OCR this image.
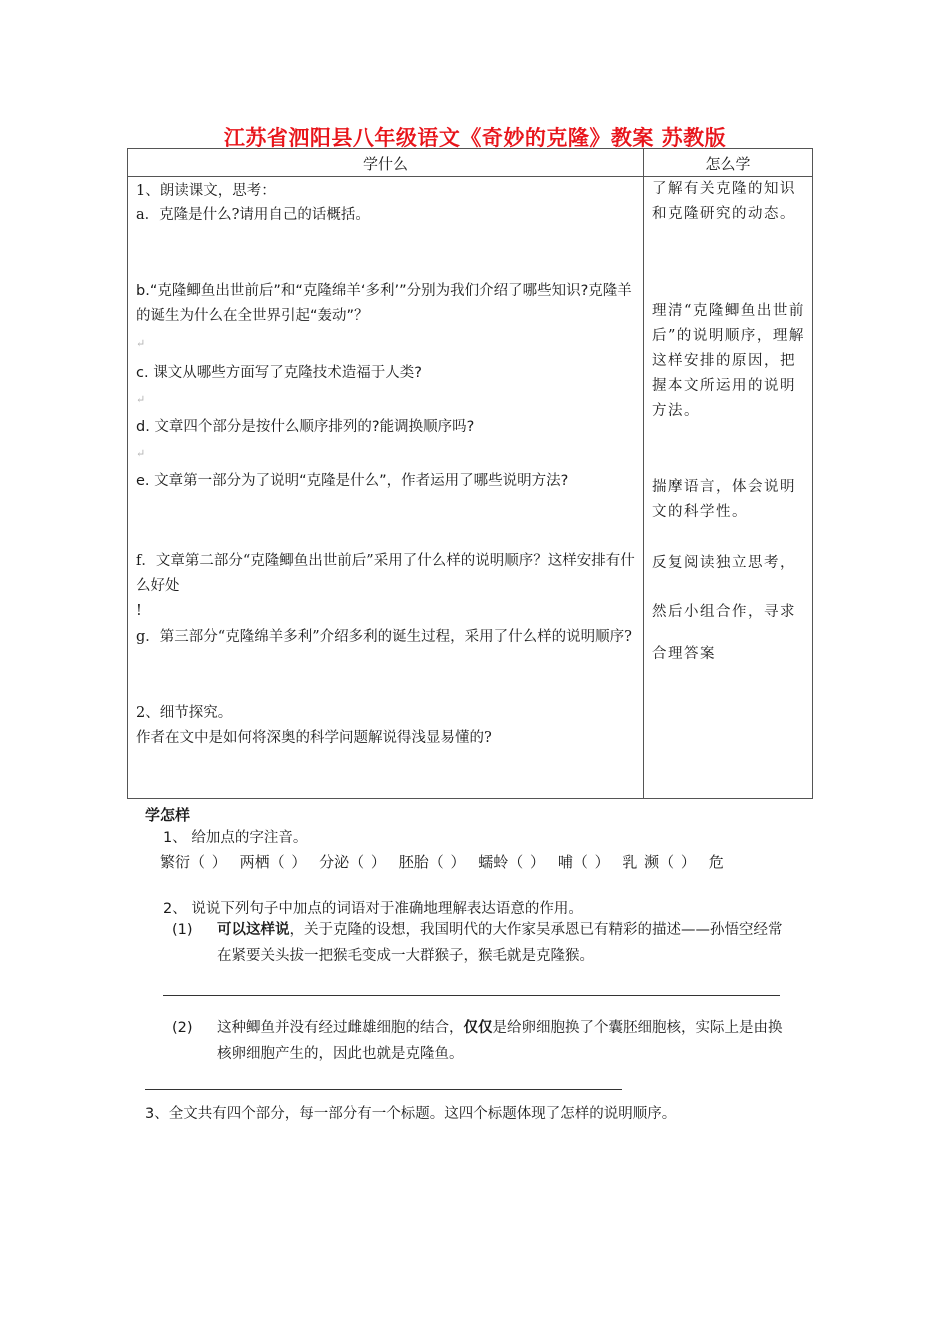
江苏省泗阳县八年级语文《奇妙的克隆》教案 苏教版
学什么	怎么学
1、朗读课文，思考：
a．克隆是什么?请用自己的话概括。
b.“克隆鲫鱼出世前后”和“克隆绵羊‘多利’”分别为我们介绍了哪些知识?克隆羊的诞生为什么在全世界引起“轰动”？
↵
c. 课文从哪些方面写了克隆技术造福于人类?
↵
d. 文章四个部分是按什么顺序排列的?能调换顺序吗?
↵
e. 文章第一部分为了说明“克隆是什么”，作者运用了哪些说明方法?
f．文章第二部分“克隆鲫鱼出世前后”采用了什么样的说明顺序？这样安排有什么好处
!
g．第三部分“克隆绵羊多利”介绍多利的诞生过程，采用了什么样的说明顺序?
2、细节探究。
作者在文中是如何将深奥的科学问题解说得浅显易懂的?
了解有关克隆的知识和克隆研究的动态。
理清“克隆鲫鱼出世前后”的说明顺序，理解这样安排的原因，把握本文所运用的说明方法。
揣摩语言，体会说明文的科学性。
反复阅读独立思考，
然后小组合作，寻求合理答案
学怎样
1、 给加点的字注音。
繁衍（ ） 两栖（ ） 分泌（ ） 胚胎（ ） 蠕蛉（ ） 哺（ ） 乳 濒（ ） 危
2、 说说下列句子中加点的词语对于准确地理解表达语意的作用。
(1) 可以这样说，关于克隆的设想，我国明代的大作家吴承恩已有精彩的描述——孙悟空经常在紧要关头拔一把猴毛变成一大群猴子，猴毛就是克隆猴。
(2) 这种鲫鱼并没有经过雌雄细胞的结合，仅仅是给卵细胞换了个囊胚细胞核，实际上是由换核卵细胞产生的，因此也就是克隆鱼。
3、全文共有四个部分，每一部分有一个标题。这四个标题体现了怎样的说明顺序。
